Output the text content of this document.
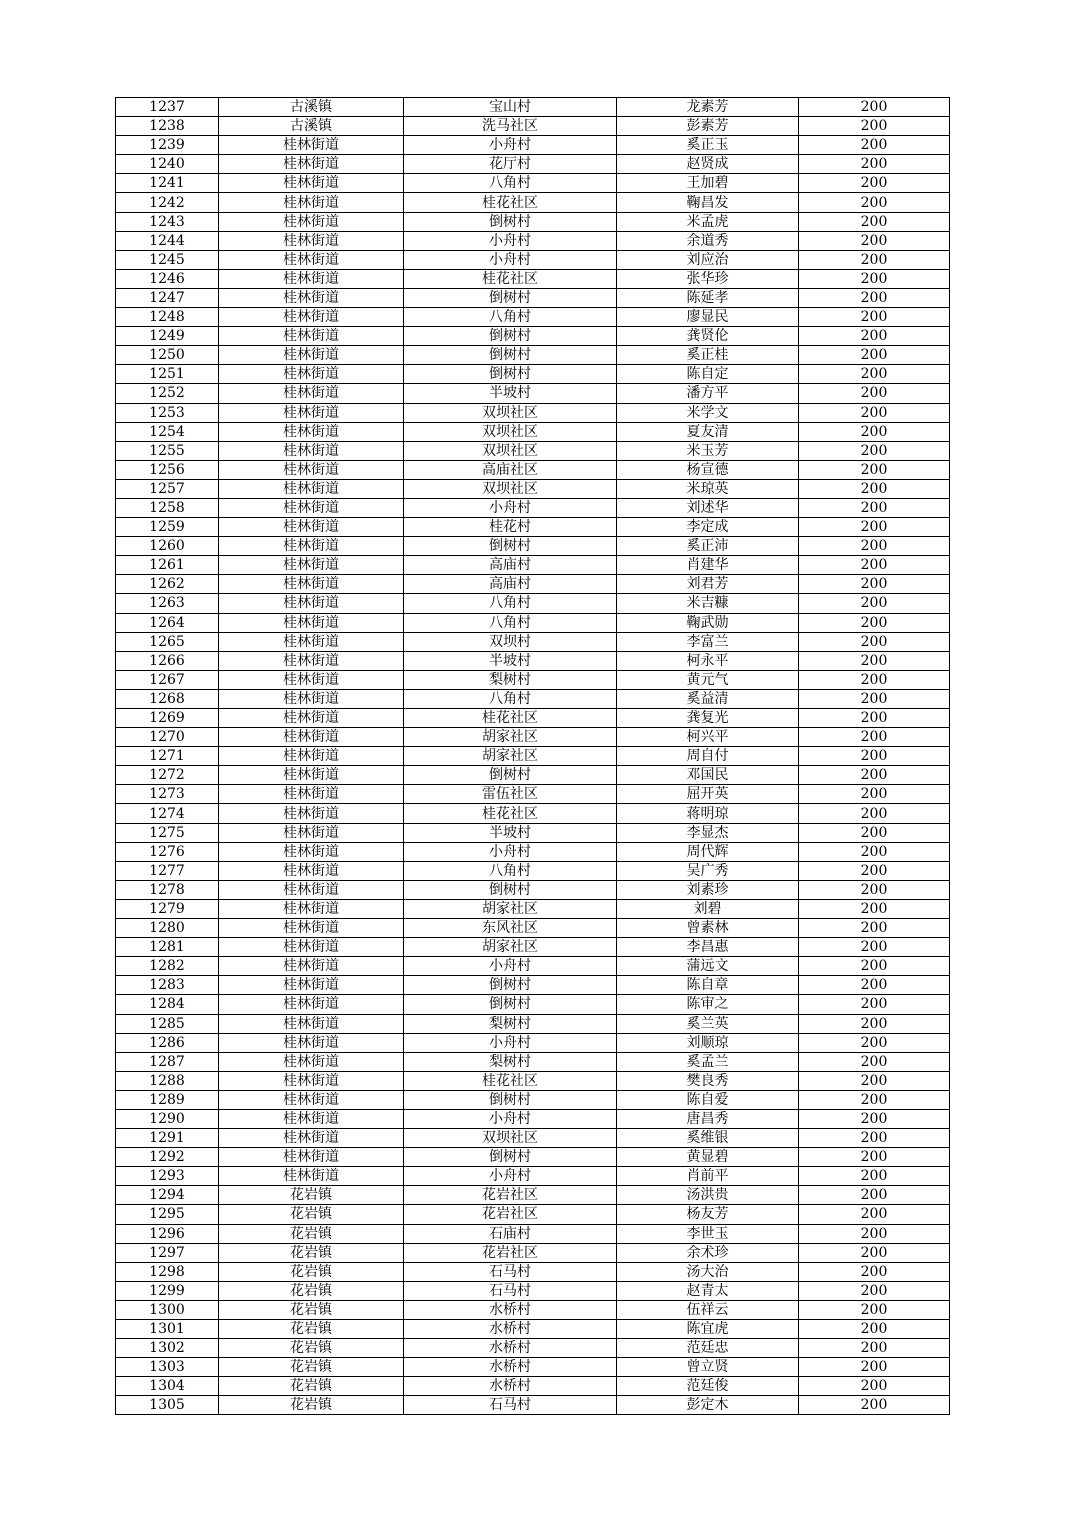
1237	古溪镇	宝山村	龙素芳	200
1238	古溪镇	洗马社区	彭素芳	200
1239	桂林街道	小舟村	奚正玉	200
1240	桂林街道	花厅村	赵贤成	200
1241	桂林街道	八角村	王加碧	200
1242	桂林街道	桂花社区	鞠昌发	200
1243	桂林街道	倒树村	米孟虎	200
1244	桂林街道	小舟村	余道秀	200
1245	桂林街道	小舟村	刘应治	200
1246	桂林街道	桂花社区	张华珍	200
1247	桂林街道	倒树村	陈延孝	200
1248	桂林街道	八角村	廖显民	200
1249	桂林街道	倒树村	龚贤伦	200
1250	桂林街道	倒树村	奚正桂	200
1251	桂林街道	倒树村	陈自定	200
1252	桂林街道	半坡村	潘方平	200
1253	桂林街道	双坝社区	米学文	200
1254	桂林街道	双坝社区	夏友清	200
1255	桂林街道	双坝社区	米玉芳	200
1256	桂林街道	高庙社区	杨宣德	200
1257	桂林街道	双坝社区	米琼英	200
1258	桂林街道	小舟村	刘述华	200
1259	桂林街道	桂花村	李定成	200
1260	桂林街道	倒树村	奚正沛	200
1261	桂林街道	高庙村	肖建华	200
1262	桂林街道	高庙村	刘君芳	200
1263	桂林街道	八角村	米吉糠	200
1264	桂林街道	八角村	鞠武勋	200
1265	桂林街道	双坝村	李富兰	200
1266	桂林街道	半坡村	柯永平	200
1267	桂林街道	梨树村	黄元气	200
1268	桂林街道	八角村	奚益清	200
1269	桂林街道	桂花社区	龚复光	200
1270	桂林街道	胡家社区	柯兴平	200
1271	桂林街道	胡家社区	周自付	200
1272	桂林街道	倒树村	邓国民	200
1273	桂林街道	雷伍社区	屈开英	200
1274	桂林街道	桂花社区	蒋明琼	200
1275	桂林街道	半坡村	李显杰	200
1276	桂林街道	小舟村	周代辉	200
1277	桂林街道	八角村	吴广秀	200
1278	桂林街道	倒树村	刘素珍	200
1279	桂林街道	胡家社区	刘碧	200
1280	桂林街道	东风社区	曾素林	200
1281	桂林街道	胡家社区	李昌惠	200
1282	桂林街道	小舟村	蒲远文	200
1283	桂林街道	倒树村	陈自章	200
1284	桂林街道	倒树村	陈审之	200
1285	桂林街道	梨树村	奚兰英	200
1286	桂林街道	小舟村	刘顺琼	200
1287	桂林街道	梨树村	奚孟兰	200
1288	桂林街道	桂花社区	樊良秀	200
1289	桂林街道	倒树村	陈自爱	200
1290	桂林街道	小舟村	唐昌秀	200
1291	桂林街道	双坝社区	奚维银	200
1292	桂林街道	倒树村	黄显碧	200
1293	桂林街道	小舟村	肖前平	200
1294	花岩镇	花岩社区	汤洪贵	200
1295	花岩镇	花岩社区	杨友芳	200
1296	花岩镇	石庙村	李世玉	200
1297	花岩镇	花岩社区	余术珍	200
1298	花岩镇	石马村	汤大治	200
1299	花岩镇	石马村	赵青太	200
1300	花岩镇	水桥村	伍祥云	200
1301	花岩镇	水桥村	陈宜虎	200
1302	花岩镇	水桥村	范廷忠	200
1303	花岩镇	水桥村	曾立贤	200
1304	花岩镇	水桥村	范廷俊	200
1305	花岩镇	石马村	彭定木	200
